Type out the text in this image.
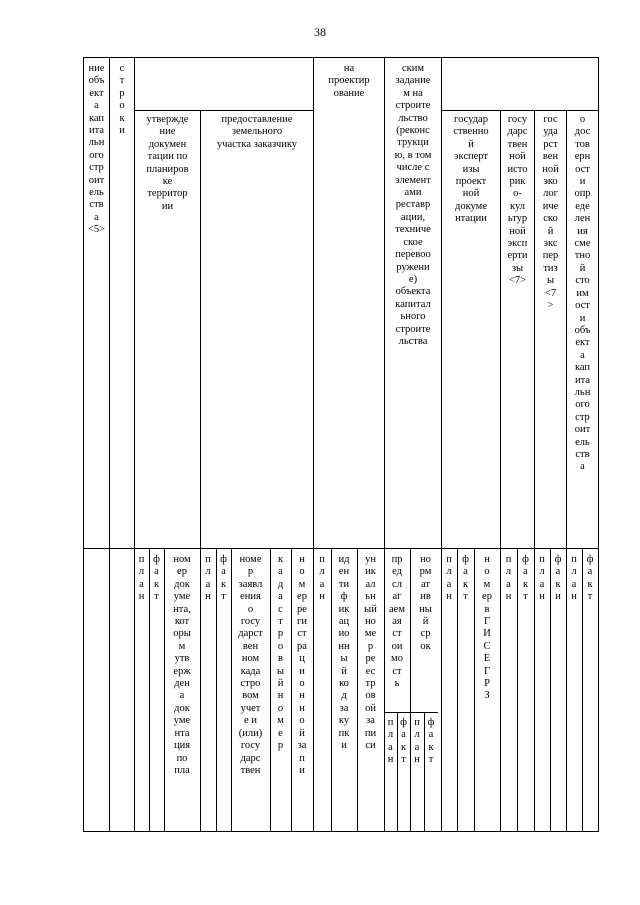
38
ние
объ
ект
а
кап
ита
льн
ого
стр
оит
ель
ств
а
<5>
с
т
р
о
к
и
на
проектир
ование
ским
задание
м на
строите
льство
(реконс
трукци
ю, в том
числе с
элемент
ами
реставр
ации,
техниче
ское
перевоо
ружени
е)
объекта
капитал
ьного
строите
льства
утвержде
ние
докумен
тации по
планиров
ке
территор
ии
предоставление
земельного
участка заказчику
государ
ственно
й
эксперт
изы
проект
ной
докуме
нтации
госу
дарс
твен
ной
исто
рик
о-
кул
ьтур
ной
эксп
ерти
зы
<7>
гос
уда
рст
вен
ной
эко
лог
иче
ско
й
экс
пер
тиз
ы
<7
>
о
дос
тов
ерн
ост
и
опр
еде
лен
ия
сме
тно
й
сто
им
ост
и
объ
ект
а
кап
ита
льн
ого
стр
оит
ель
ств
а
п
л
а
н
ф
а
к
т
ном
ер
док
уме
нта,
кот
оры
м
утв
ерж
ден
а
док
уме
нта
ция
по
пла
п
л
а
н
ф
а
к
т
номе
р
заявл
ения
о
госу
дарст
вен
ном
када
стро
вом
учет
е и
(или)
госу
дарс
твен
к
а
д
а
с
т
р
о
в
ы
й
н
о
м
е
р
н
о
м
ер
ре
ги
ст
ра
ц
и
о
н
н
о
й
за
п
и
п
л
а
н
ид
ен
ти
ф
ик
ац
ио
нн
ы
й
ко
д
за
ку
пк
и
ун
ик
ал
ьн
ый
но
ме
р
ре
ес
тр
ов
ой
за
пи
си
пр
ед
сл
аг
аем
ая
ст
ои
мо
ст
ь
но
рм
ат
ив
ны
й
ср
ок
п
л
а
н
ф
а
к
т
п
л
а
н
ф
а
к
т
п
л
а
н
ф
а
к
т
н
о
м
ер
в
Г
И
С
Е
Г
Р
З
п
л
а
н
ф
а
к
т
п
л
а
н
ф
а
к
и
п
л
а
н
ф
а
к
т
